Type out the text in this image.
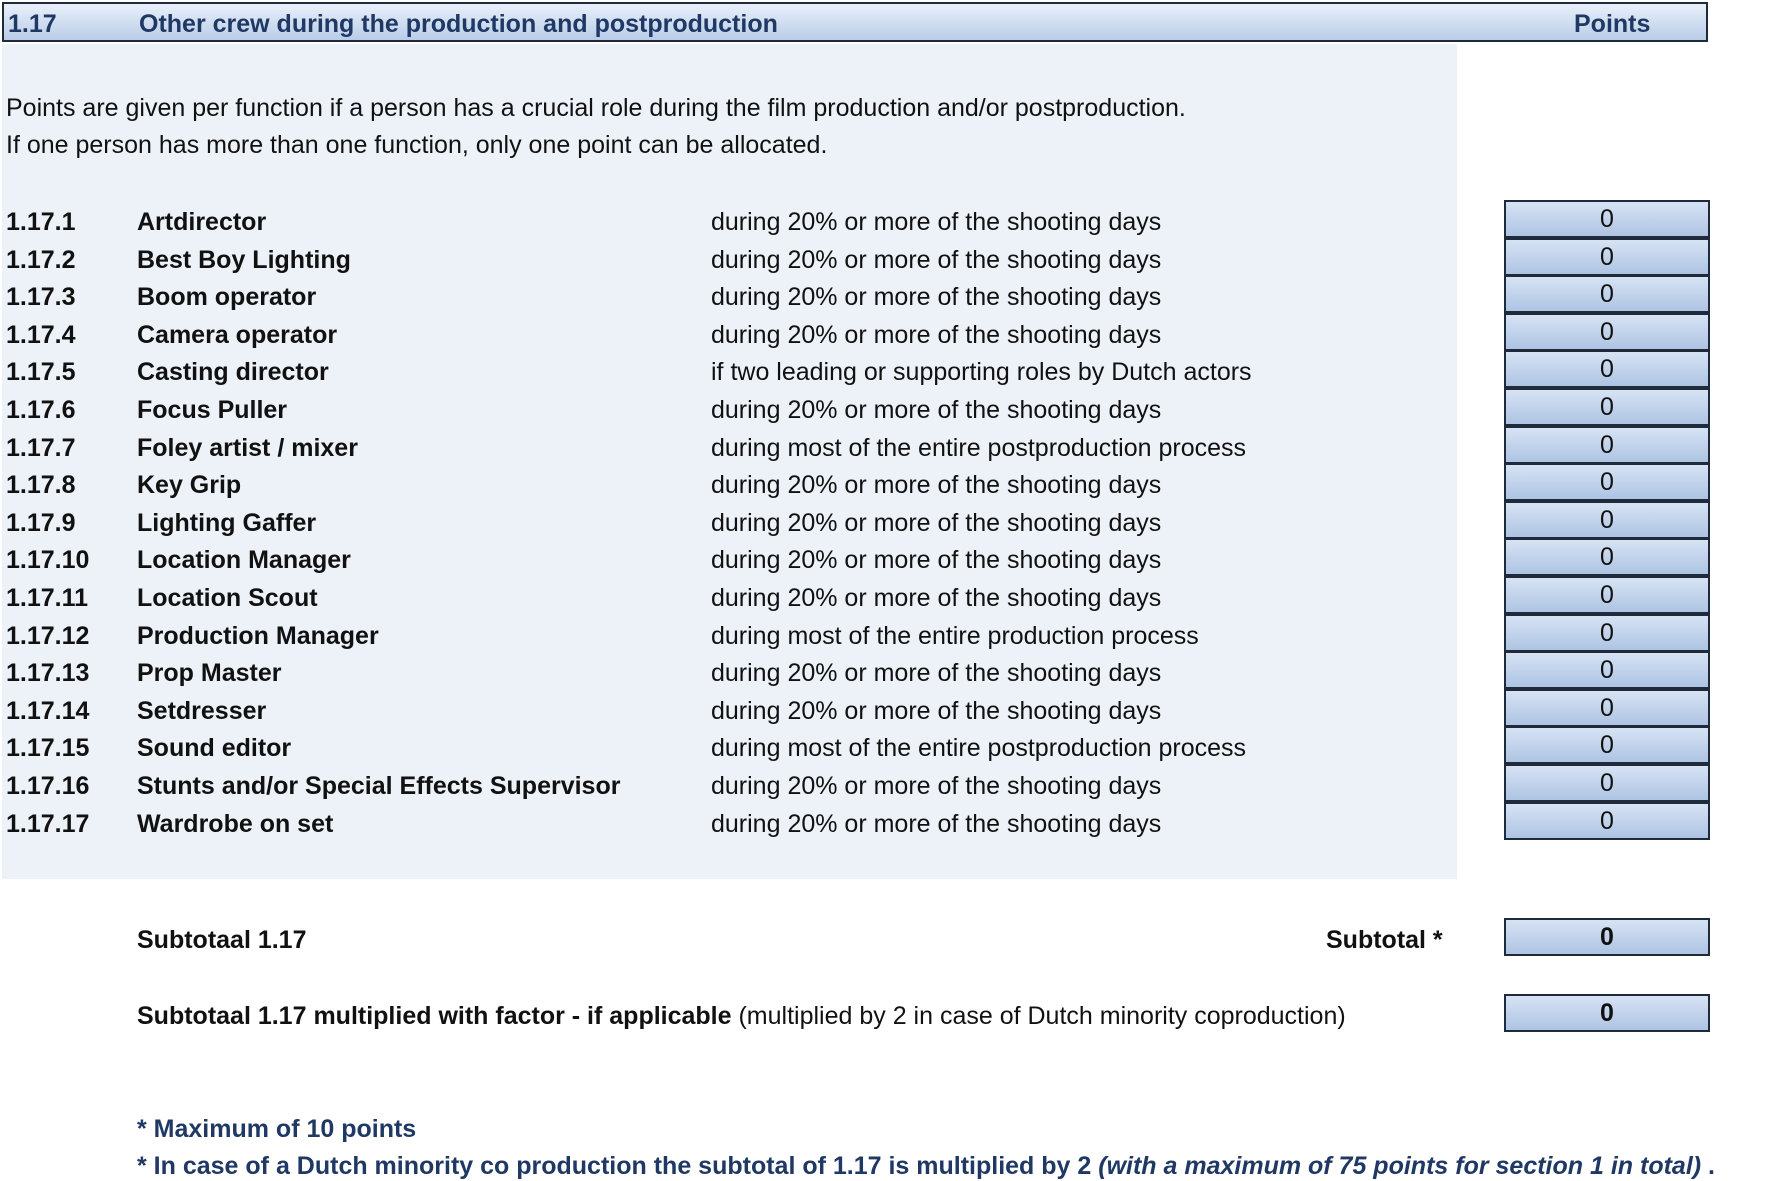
1.17	Other crew during the production and postproduction	Points
Points are given per function if a person has a crucial role during the film production and/or postproduction.
If one person has more than one function, only one point can be allocated.
1.17.1 Artdirector	during 20% or more of the shooting days	0
1.17.2 Best Boy Lighting	during 20% or more of the shooting days	0
1.17.3 Boom operator	during 20% or more of the shooting days	0
1.17.4 Camera operator	during 20% or more of the shooting days	0
1.17.5 Casting director	if two leading or supporting roles by Dutch actors	0
1.17.6 Focus Puller	during 20% or more of the shooting days	0
1.17.7 Foley artist / mixer	during most of the entire postproduction process	0
1.17.8 Key Grip	during 20% or more of the shooting days	0
1.17.9 Lighting Gaffer	during 20% or more of the shooting days	0
1.17.10 Location Manager	during 20% or more of the shooting days	0
1.17.11 Location Scout	during 20% or more of the shooting days	0
1.17.12 Production Manager	during most of the entire production process	0
1.17.13 Prop Master	during 20% or more of the shooting days	0
1.17.14 Setdresser	during 20% or more of the shooting days	0
1.17.15 Sound editor	during most of the entire postproduction process	0
1.17.16 Stunts and/or Special Effects Supervisor	during 20% or more of the shooting days	0
1.17.17 Wardrobe on set	during 20% or more of the shooting days	0
Subtotaal 1.17	Subtotal *	0
Subtotaal 1.17 multiplied with factor - if applicable (multiplied by 2 in case of Dutch minority coproduction)	0
* Maximum of 10 points
* In case of a Dutch minority co production the subtotal of 1.17 is multiplied by 2 (with a maximum of 75 points for section 1 in total) .
